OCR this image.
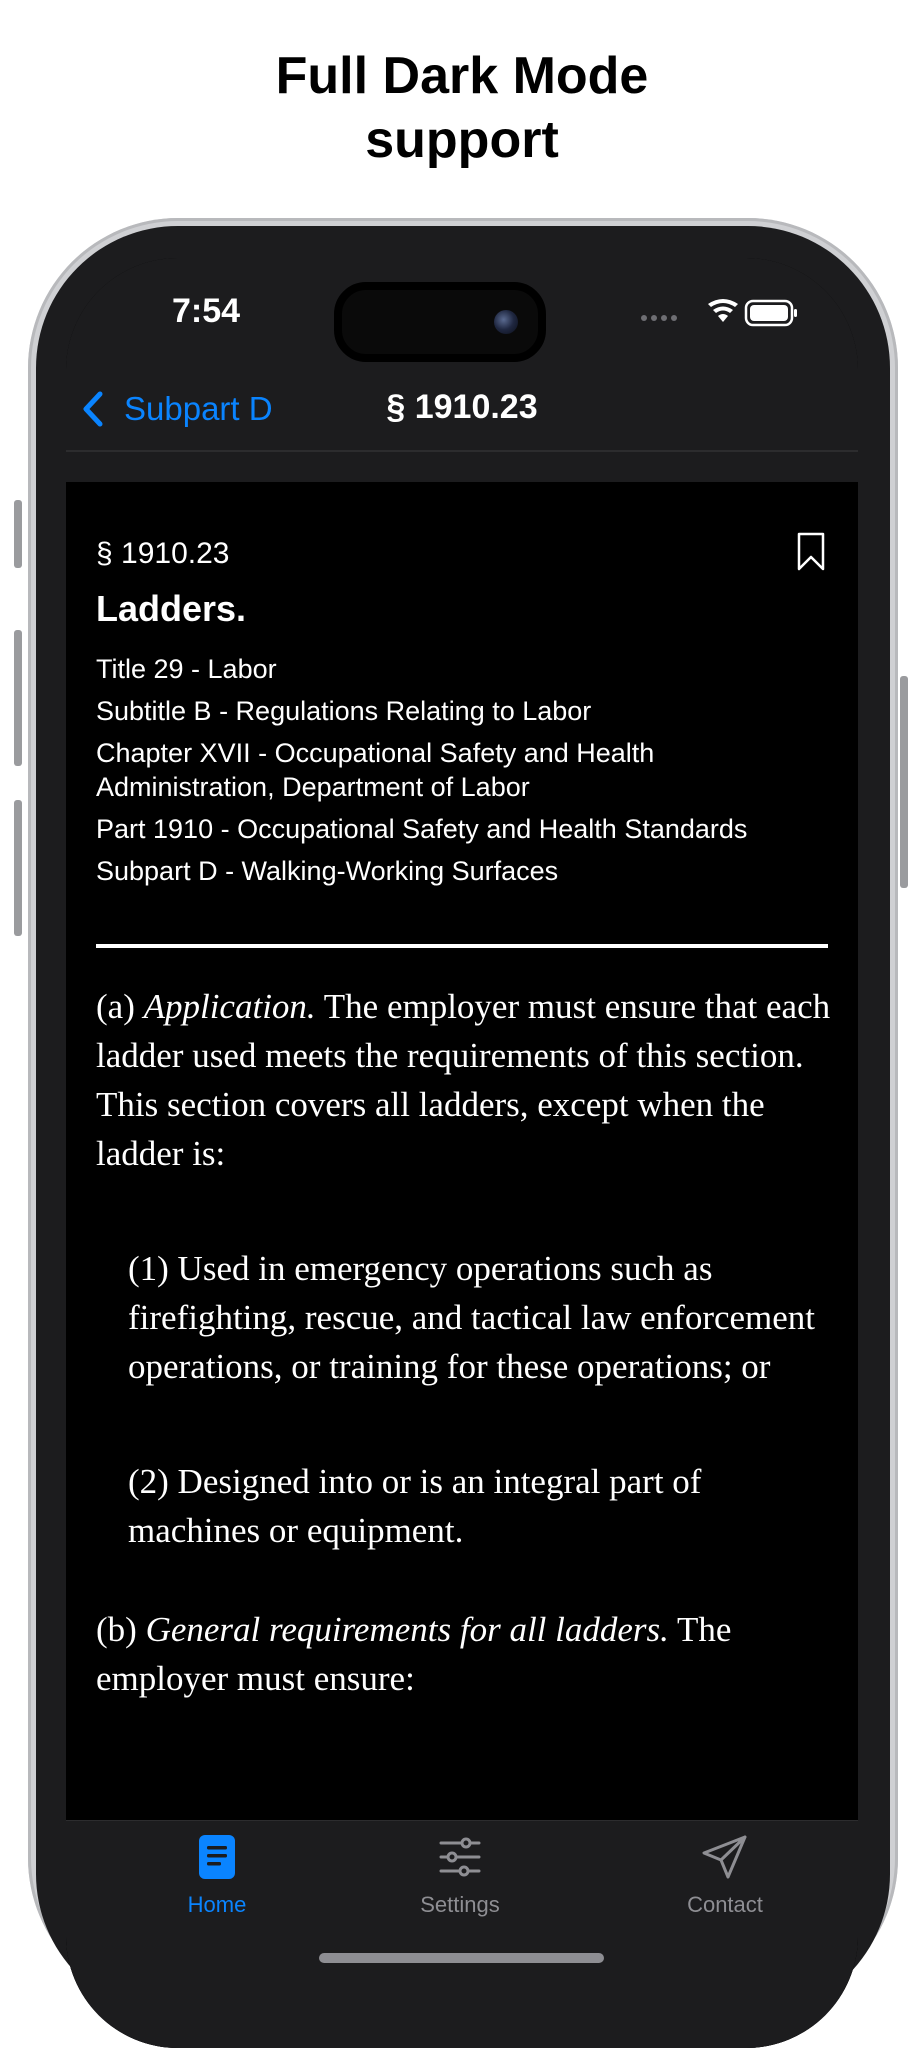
Full Dark Mode
support
7:54
Subpart D	§ 1910.23
§ 1910.23
Ladders.
Title 29 - Labor
Subtitle B - Regulations Relating to Labor
Chapter XVII - Occupational Safety and Health Administration, Department of Labor
Part 1910 - Occupational Safety and Health Standards
Subpart D - Walking-Working Surfaces

(a) Application. The employer must ensure that each ladder used meets the requirements of this section. This section covers all ladders, except when the ladder is:

(1) Used in emergency operations such as firefighting, rescue, and tactical law enforcement operations, or training for these operations; or

(2) Designed into or is an integral part of machines or equipment.

(b) General requirements for all ladders. The employer must ensure:

Home	Settings	Contact
